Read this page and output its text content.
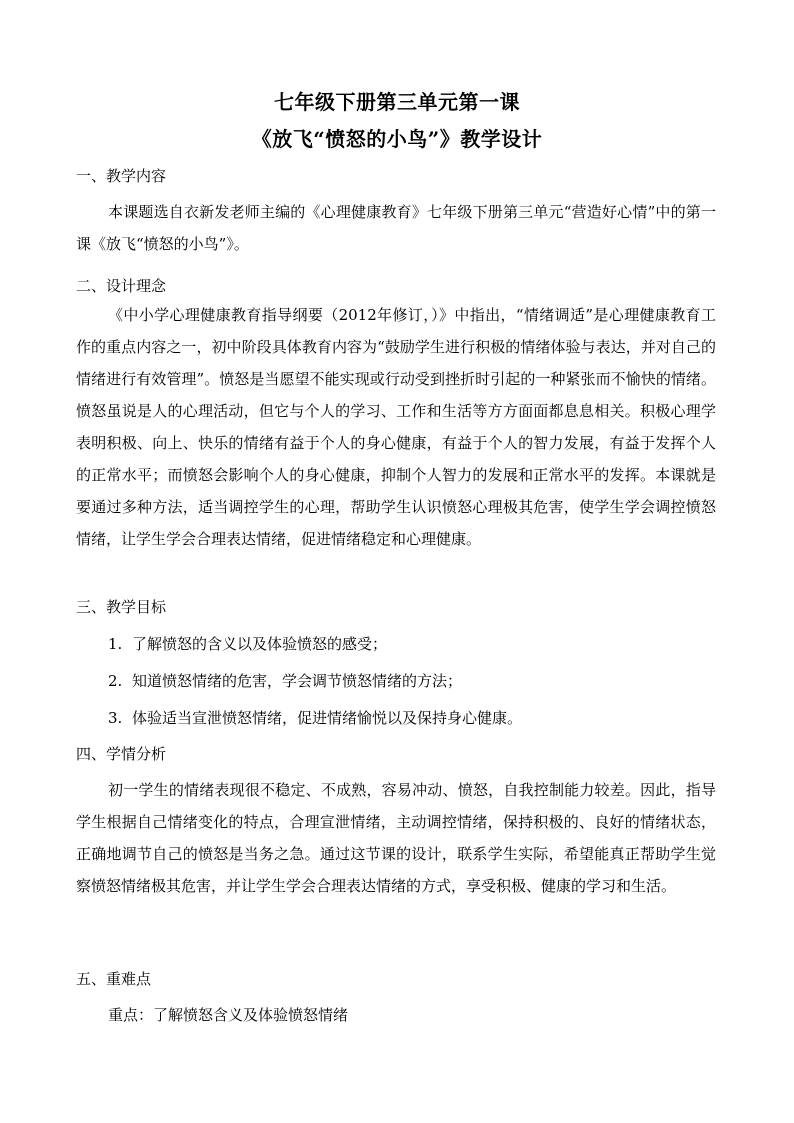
七年级下册第三单元第一课
《放飞“愤怒的小鸟”》教学设计
一、教学内容

本课题选自衣新发老师主编的《心理健康教育》七年级下册第三单元“营造好心情”中的第一课《放飞“愤怒的小鸟”》。

二、设计理念

《中小学心理健康教育指导纲要（2012年修订，）》中指出，“情绪调适”是心理健康教育工作的重点内容之一，初中阶段具体教育内容为“鼓励学生进行积极的情绪体验与表达，并对自己的情绪进行有效管理”。愤怒是当愿望不能实现或行动受到挫折时引起的一种紧张而不愉快的情绪。愤怒虽说是人的心理活动，但它与个人的学习、工作和生活等方方面面都息息相关。积极心理学表明积极、向上、快乐的情绪有益于个人的身心健康，有益于个人的智力发展，有益于发挥个人的正常水平；而愤怒会影响个人的身心健康，抑制个人智力的发展和正常水平的发挥。本课就是要通过多种方法，适当调控学生的心理，帮助学生认识愤怒心理极其危害，使学生学会调控愤怒情绪，让学生学会合理表达情绪，促进情绪稳定和心理健康。

三、教学目标
1. 了解愤怒的含义以及体验愤怒的感受；
2. 知道愤怒情绪的危害，学会调节愤怒情绪的方法；
3. 体验适当宣泄愤怒情绪，促进情绪愉悦以及保持身心健康。
四、学情分析

初一学生的情绪表现很不稳定、不成熟，容易冲动、愤怒，自我控制能力较差。因此，指导学生根据自己情绪变化的特点，合理宣泄情绪，主动调控情绪，保持积极的、良好的情绪状态，正确地调节自己的愤怒是当务之急。通过这节课的设计，联系学生实际，希望能真正帮助学生觉察愤怒情绪极其危害，并让学生学会合理表达情绪的方式，享受积极、健康的学习和生活。

五、重难点
重点：了解愤怒含义及体验愤怒情绪
